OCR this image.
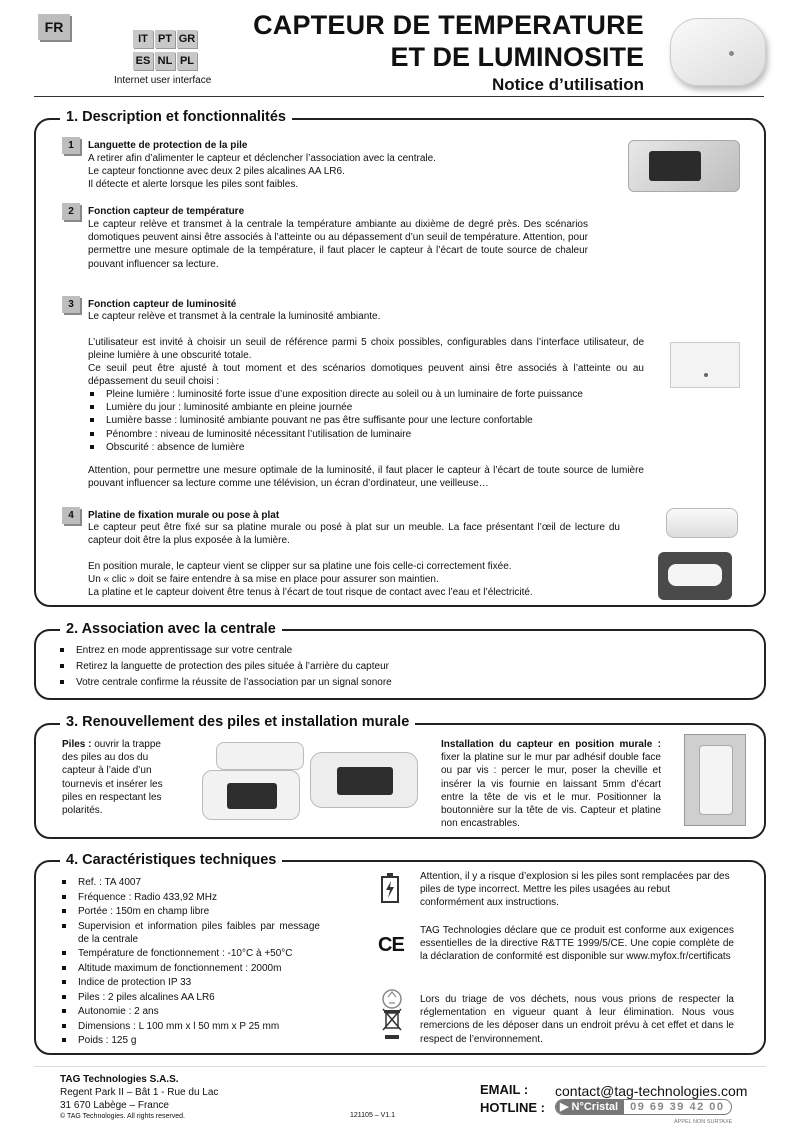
FR
IT PT GR
ES NL PL
Internet user interface
CAPTEUR DE TEMPERATURE
ET DE LUMINOSITE
Notice d’utilisation
1. Description et fonctionnalités
1	Languette de protection de la pile
A retirer afin d’alimenter le capteur et déclencher l’association avec la centrale.
Le capteur fonctionne avec deux 2 piles alcalines AA LR6.
Il détecte et alerte lorsque les piles sont faibles.
2	Fonction capteur de température
Le capteur relève et transmet à la centrale la température ambiante au dixième de degré près. Des scénarios domotiques peuvent ainsi être associés à l’atteinte ou au dépassement d’un seuil de température. Attention, pour permettre une mesure optimale de la température, il faut placer le capteur à l’écart de toute source de chaleur pouvant influencer sa lecture.
3	Fonction capteur de luminosité
Le capteur relève et transmet à la centrale la luminosité ambiante.
L’utilisateur est invité à choisir un seuil de référence parmi 5 choix possibles, configurables dans l’interface utilisateur, de pleine lumière à une obscurité totale.
Ce seuil peut être ajusté à tout moment et des scénarios domotiques peuvent ainsi être associés à l’atteinte ou au dépassement du seuil choisi :
Pleine lumière : luminosité forte issue d’une exposition directe au soleil ou à un luminaire de forte puissance
Lumière du jour : luminosité ambiante en pleine journée
Lumière basse : luminosité ambiante pouvant ne pas être suffisante pour une lecture confortable
Pénombre : niveau de luminosité nécessitant l’utilisation de luminaire
Obscurité : absence de lumière
Attention, pour permettre une mesure optimale de la luminosité, il faut placer le capteur à l’écart de toute source de lumière pouvant influencer sa lecture comme une télévision, un écran d’ordinateur, une veilleuse…
4	Platine de fixation murale ou pose à plat
Le capteur peut être fixé sur sa platine murale ou posé à plat sur un meuble. La face présentant l’œil de lecture du capteur doit être la plus exposée à la lumière.
En position murale, le capteur vient se clipper sur sa platine une fois celle-ci correctement fixée.
Un « clic » doit se faire entendre à sa mise en place pour assurer son maintien.
La platine et le capteur doivent être tenus à l’écart de tout risque de contact avec l’eau et l’électricité.
2. Association avec la centrale
Entrez en mode apprentissage sur votre centrale
Retirez la languette de protection des piles située à l’arrière du capteur
Votre centrale confirme la réussite de l’association par un signal sonore
3. Renouvellement des piles et installation murale
Piles : ouvrir la trappe des piles au dos du capteur à l’aide d’un tournevis et insérer les piles en respectant les polarités.
Installation du capteur en position murale : fixer la platine sur le mur par adhésif double face ou par vis : percer le mur, poser la cheville et insérer la vis fournie en laissant 5mm d’écart entre la tête de vis et le mur. Positionner la boutonnière sur la tête de vis. Capteur et platine non encastrables.
4. Caractéristiques techniques
Ref. : TA 4007
Fréquence : Radio 433,92 MHz
Portée : 150m en champ libre
Supervision et information piles faibles par message de la centrale
Température de fonctionnement : -10°C à +50°C
Altitude maximum de fonctionnement : 2000m
Indice de protection IP 33
Piles : 2 piles alcalines AA LR6
Autonomie : 2 ans
Dimensions : L 100 mm x l 50 mm x P 25 mm
Poids : 125 g
Attention, il y a risque d’explosion si les piles sont remplacées par des piles de type incorrect. Mettre les piles usagées au rebut conformément aux instructions.
CE
TAG Technologies déclare que ce produit est conforme aux exigences essentielles de la directive R&TTE 1999/5/CE. Une copie complète de la déclaration de conformité est disponible sur www.myfox.fr/certificats
Lors du triage de vos déchets, nous vous prions de respecter la réglementation en vigueur quant à leur élimination. Nous vous remercions de les déposer dans un endroit prévu à cet effet et dans le respect de l’environnement.
TAG Technologies S.A.S.
Regent Park II – Bât 1 - Rue du Lac
31 670 Labège – France
© TAG Technologies. All rights reserved.	121105 – V1.1
EMAIL : contact@tag-technologies.com
HOTLINE :	▶ N°Cristal	09 69 39 42 00
APPEL NON SURTAXE
